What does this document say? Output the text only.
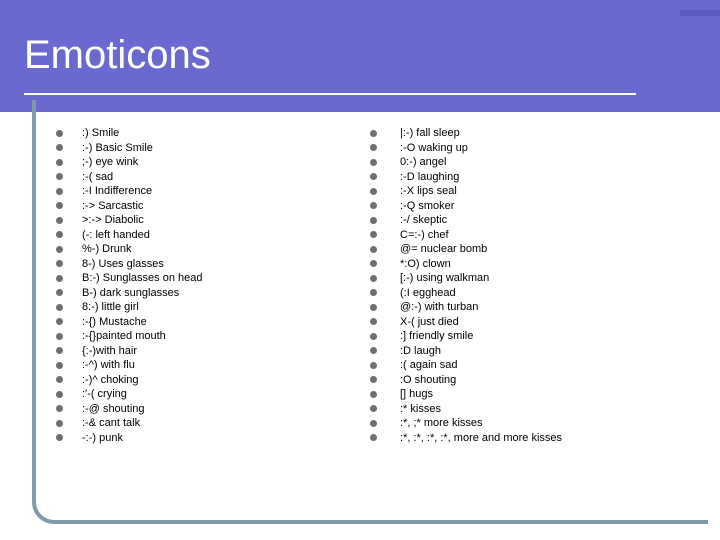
Emoticons
:) Smile
:-) Basic Smile
;-) eye wink
:-( sad
:-I Indifference
:-> Sarcastic
>:-> Diabolic
(-: left handed
%-) Drunk
8-) Uses glasses
B:-) Sunglasses on head
B-) dark sunglasses
8:-) little girl
:-{) Mustache
:-{}painted mouth
{:-)with hair
:-^) with flu
:-)^ choking
:'-( crying
:-@ shouting
:-& cant talk
-:-) punk
|:-) fall sleep
:-O waking up
0:-) angel
:-D laughing
:-X lips seal
:-Q smoker
:-/ skeptic
C=:-) chef
@= nuclear bomb
*:O) clown
[:-) using walkman
(:I egghead
@:-) with turban
X-( just died
:] friendly smile
:D laugh
:( again sad
:O shouting
[] hugs
:* kisses
:*, ;* more kisses
:*, :*, :*, :*, more and more kisses
